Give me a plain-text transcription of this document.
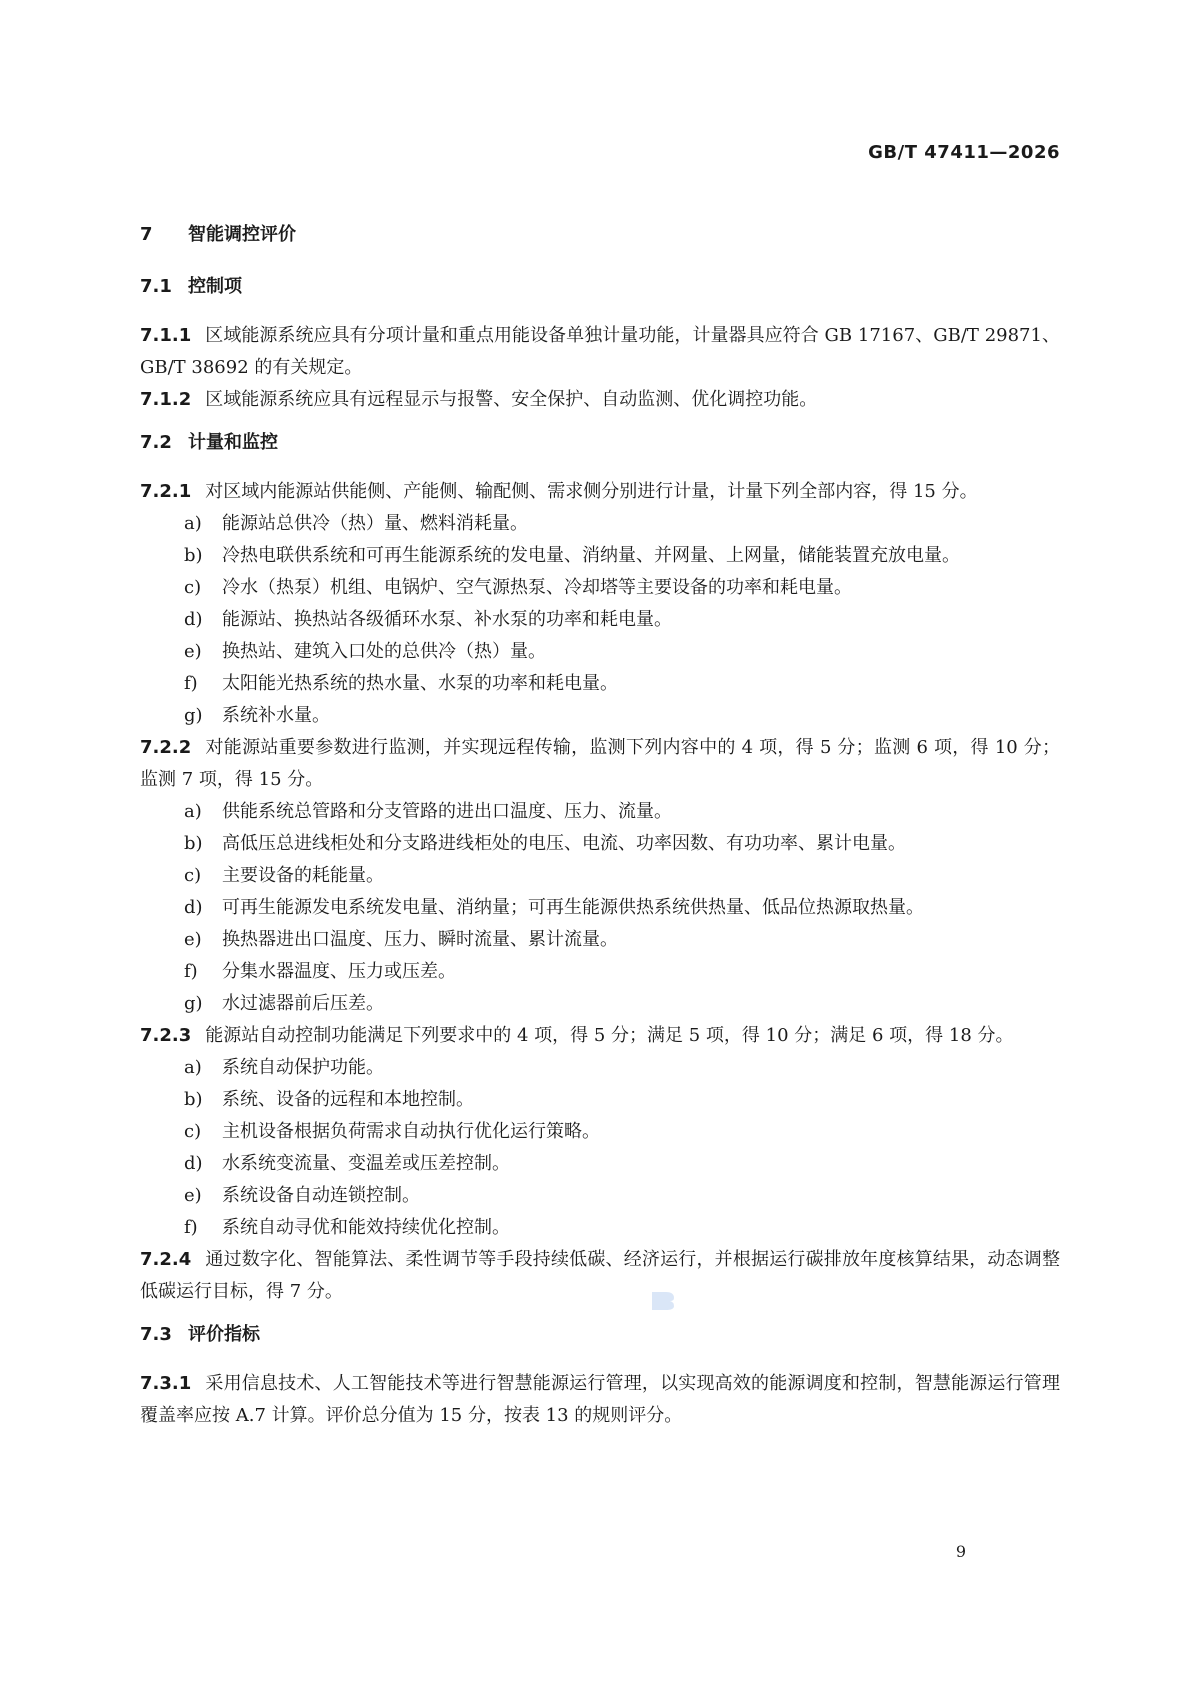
GB/T 47411—2026
7 智能调控评价
7.1 控制项
7.1.1 区域能源系统应具有分项计量和重点用能设备单独计量功能，计量器具应符合 GB 17167、GB/T 29871、GB/T 38692 的有关规定。
7.1.2 区域能源系统应具有远程显示与报警、安全保护、自动监测、优化调控功能。
7.2 计量和监控
7.2.1 对区域内能源站供能侧、产能侧、输配侧、需求侧分别进行计量，计量下列全部内容，得 15 分。
a) 能源站总供冷（热）量、燃料消耗量。
b) 冷热电联供系统和可再生能源系统的发电量、消纳量、并网量、上网量，储能装置充放电量。
c) 冷水（热泵）机组、电锅炉、空气源热泵、冷却塔等主要设备的功率和耗电量。
d) 能源站、换热站各级循环水泵、补水泵的功率和耗电量。
e) 换热站、建筑入口处的总供冷（热）量。
f) 太阳能光热系统的热水量、水泵的功率和耗电量。
g) 系统补水量。
7.2.2 对能源站重要参数进行监测，并实现远程传输，监测下列内容中的 4 项，得 5 分；监测 6 项，得 10 分；监测 7 项，得 15 分。
a) 供能系统总管路和分支管路的进出口温度、压力、流量。
b) 高低压总进线柜处和分支路进线柜处的电压、电流、功率因数、有功功率、累计电量。
c) 主要设备的耗能量。
d) 可再生能源发电系统发电量、消纳量；可再生能源供热系统供热量、低品位热源取热量。
e) 换热器进出口温度、压力、瞬时流量、累计流量。
f) 分集水器温度、压力或压差。
g) 水过滤器前后压差。
7.2.3 能源站自动控制功能满足下列要求中的 4 项，得 5 分；满足 5 项，得 10 分；满足 6 项，得 18 分。
a) 系统自动保护功能。
b) 系统、设备的远程和本地控制。
c) 主机设备根据负荷需求自动执行优化运行策略。
d) 水系统变流量、变温差或压差控制。
e) 系统设备自动连锁控制。
f) 系统自动寻优和能效持续优化控制。
7.2.4 通过数字化、智能算法、柔性调节等手段持续低碳、经济运行，并根据运行碳排放年度核算结果，动态调整低碳运行目标，得 7 分。
7.3 评价指标
7.3.1 采用信息技术、人工智能技术等进行智慧能源运行管理，以实现高效的能源调度和控制，智慧能源运行管理覆盖率应按 A.7 计算。评价总分值为 15 分，按表 13 的规则评分。
9
